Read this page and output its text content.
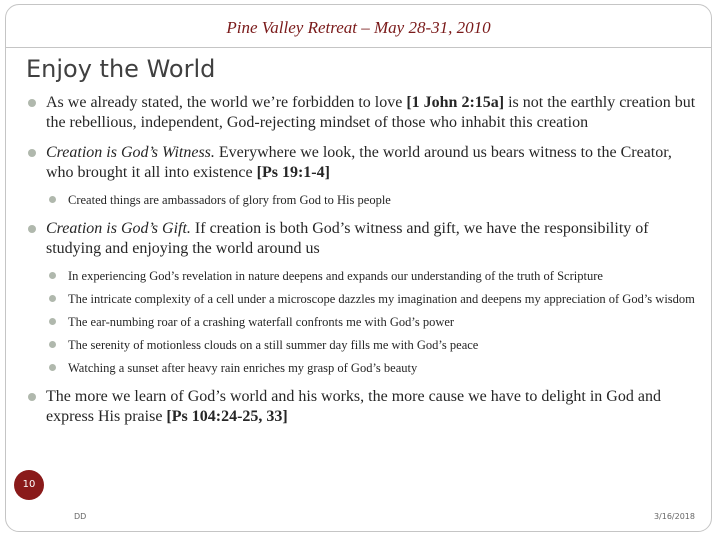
Pine Valley Retreat – May 28-31, 2010
Enjoy the World
As we already stated, the world we’re forbidden to love [1 John 2:15a] is not the earthly creation but the rebellious, independent, God-rejecting mindset of those who inhabit this creation
Creation is God’s Witness. Everywhere we look, the world around us bears witness to the Creator, who brought it all into existence [Ps 19:1-4]
Created things are ambassadors of glory from God to His people
Creation is God’s Gift. If creation is both God’s witness and gift, we have the responsibility of studying and enjoying the world around us
In experiencing God’s revelation in nature deepens and expands our understanding of the truth of Scripture
The intricate complexity of a cell under a microscope dazzles my imagination and deepens my appreciation of God’s wisdom
The ear-numbing roar of a crashing waterfall confronts me with God’s power
The serenity of motionless clouds on a still summer day fills me with God’s peace
Watching a sunset after heavy rain enriches my grasp of God’s beauty
The more we learn of God’s world and his works, the more cause we have to delight in God and express His praise [Ps 104:24-25, 33]
10
DD	3/16/2018
